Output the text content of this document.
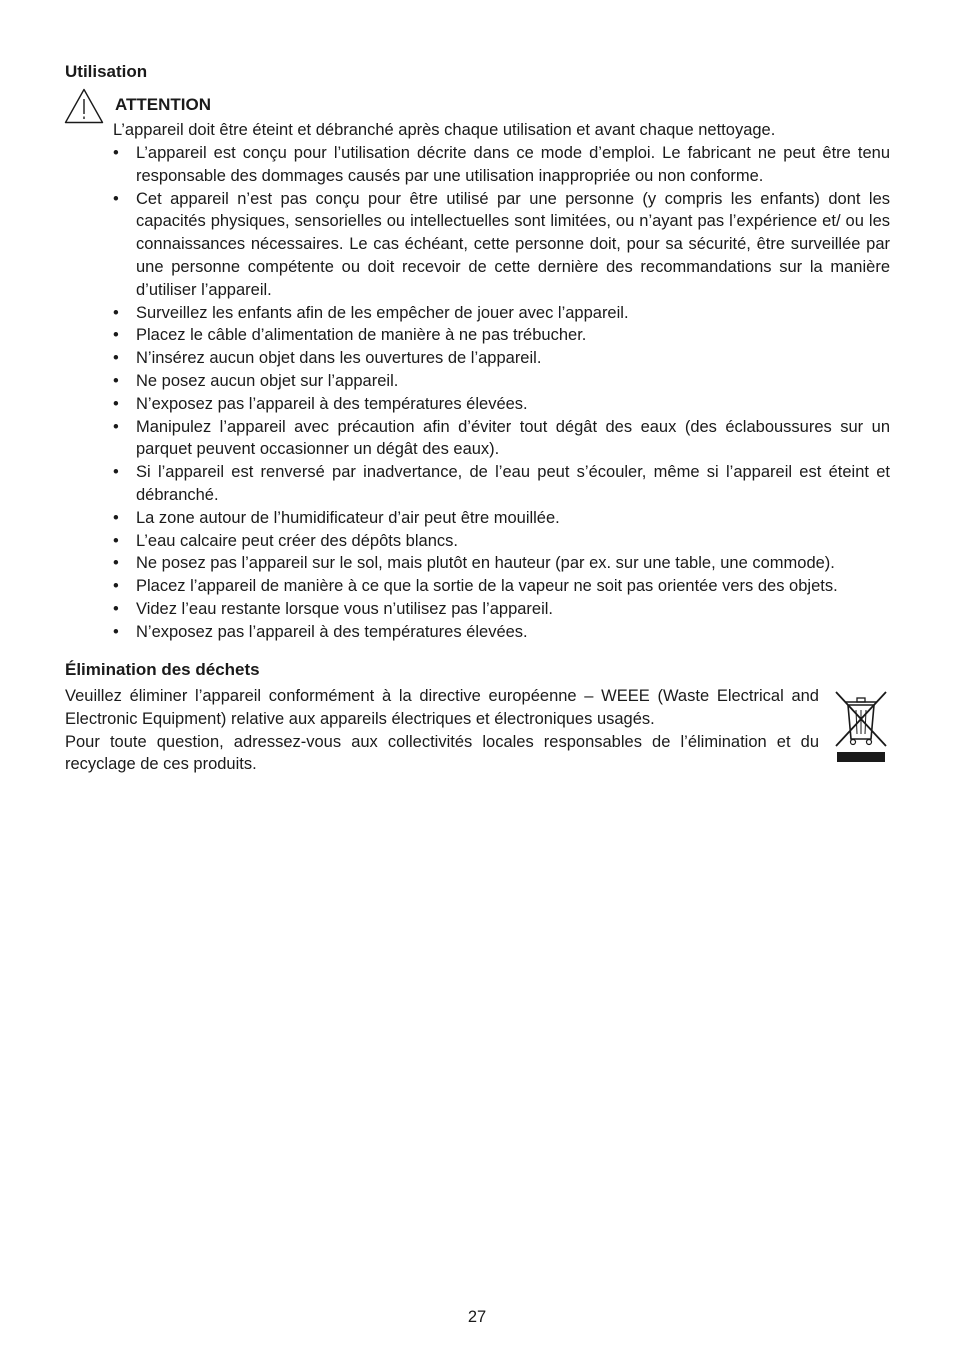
Utilisation
ATTENTION
L’appareil doit être éteint et débranché après chaque utilisation et avant chaque nettoyage.
• L’appareil est conçu pour l’utilisation décrite dans ce mode d’emploi. Le fabricant ne peut être tenu responsable des dommages causés par une utilisation inappropriée ou non conforme.
• Cet appareil n’est pas conçu pour être utilisé par une personne (y compris les enfants) dont les capacités physiques, sensorielles ou intellectuelles sont limitées, ou n’ayant pas l’expérience et/ ou les connaissances nécessaires. Le cas échéant, cette personne doit, pour sa sécurité, être surveillée par une personne compétente ou doit recevoir de cette dernière des recommandations sur la manière d’utiliser l’appareil.
• Surveillez les enfants afin de les empêcher de jouer avec l’appareil.
• Placez le câble d’alimentation de manière à ne pas trébucher.
• N’insérez aucun objet dans les ouvertures de l’appareil.
• Ne posez aucun objet sur l’appareil.
• N’exposez pas l’appareil à des températures élevées.
• Manipulez l’appareil avec précaution afin d’éviter tout dégât des eaux (des éclaboussures sur un parquet peuvent occasionner un dégât des eaux).
• Si l’appareil est renversé par inadvertance, de l’eau peut s’écouler, même si l’appareil est éteint et débranché.
• La zone autour de l’humidificateur d’air peut être mouillée.
• L’eau calcaire peut créer des dépôts blancs.
• Ne posez pas l’appareil sur le sol, mais plutôt en hauteur (par ex. sur une table, une commode).
• Placez l’appareil de manière à ce que la sortie de la vapeur ne soit pas orientée vers des objets.
• Videz l’eau restante lorsque vous n’utilisez pas l’appareil.
• N’exposez pas l’appareil à des températures élevées.
Élimination des déchets

Veuillez éliminer l’appareil conformément à la directive européenne – WEEE (Waste Electrical and Electronic Equipment) relative aux appareils électriques et électroniques usagés.

Pour toute question, adressez-vous aux collectivités locales responsables de l’élimination et du recyclage de ces produits.

27
